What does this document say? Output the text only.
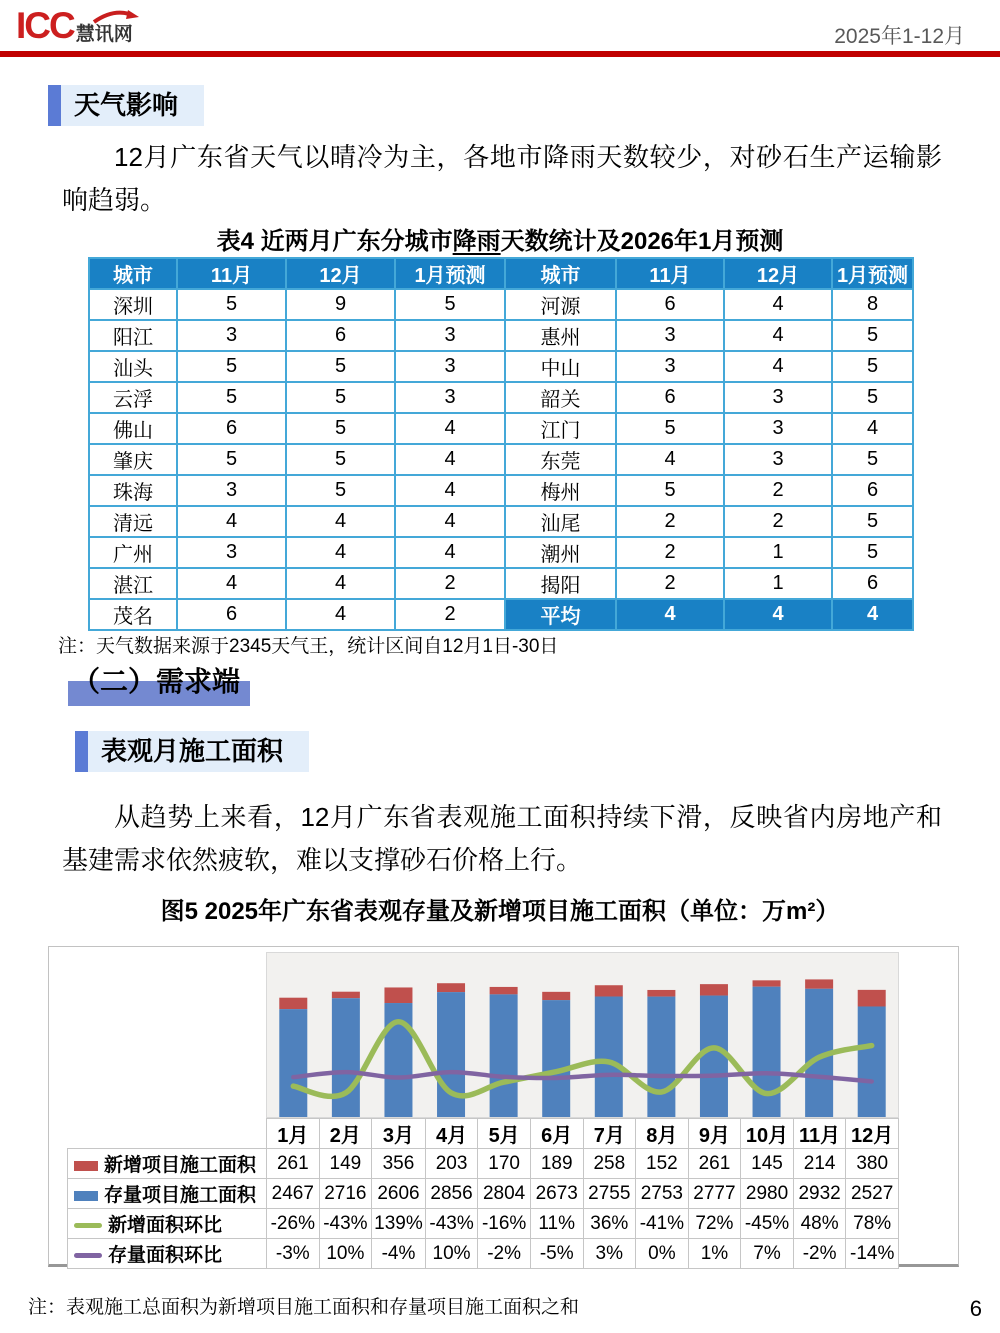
ICC 慧讯网	2025年1-12月
天气影响

12月广东省天气以晴冷为主，各地市降雨天数较少，对砂石生产运输影响趋弱。

表4 近两月广东分城市降雨天数统计及2026年1月预测
城市	11月	12月	1月预测	城市	11月	12月	1月预测
深圳	5	9	5	河源	6	4	8
阳江	3	6	3	惠州	3	4	5
汕头	5	5	3	中山	3	4	5
云浮	5	5	3	韶关	6	3	5
佛山	6	5	4	江门	5	3	4
肇庆	5	5	4	东莞	4	3	5
珠海	3	5	4	梅州	5	2	6
清远	4	4	4	汕尾	2	2	5
广州	3	4	4	潮州	2	1	5
湛江	4	4	2	揭阳	2	1	6
茂名	6	4	2	平均	4	4	4
注：天气数据来源于2345天气王，统计区间自12月1日-30日
（二）需求端
表观月施工面积

从趋势上来看，12月广东省表观施工面积持续下滑，反映省内房地产和基建需求依然疲软，难以支撑砂石价格上行。

图5 2025年广东省表观存量及新增项目施工面积（单位：万m²）
	1月	2月	3月	4月	5月	6月	7月	8月	9月	10月	11月	12月
新增项目施工面积	261	149	356	203	170	189	258	152	261	145	214	380
存量项目施工面积	2467	2716	2606	2856	2804	2673	2755	2753	2777	2980	2932	2527
新增面积环比	-26%	-43%	139%	-43%	-16%	11%	36%	-41%	72%	-45%	48%	78%
存量面积环比	-3%	10%	-4%	10%	-2%	-5%	3%	0%	1%	7%	-2%	-14%
注：表观施工总面积为新增项目施工面积和存量项目施工面积之和	6
